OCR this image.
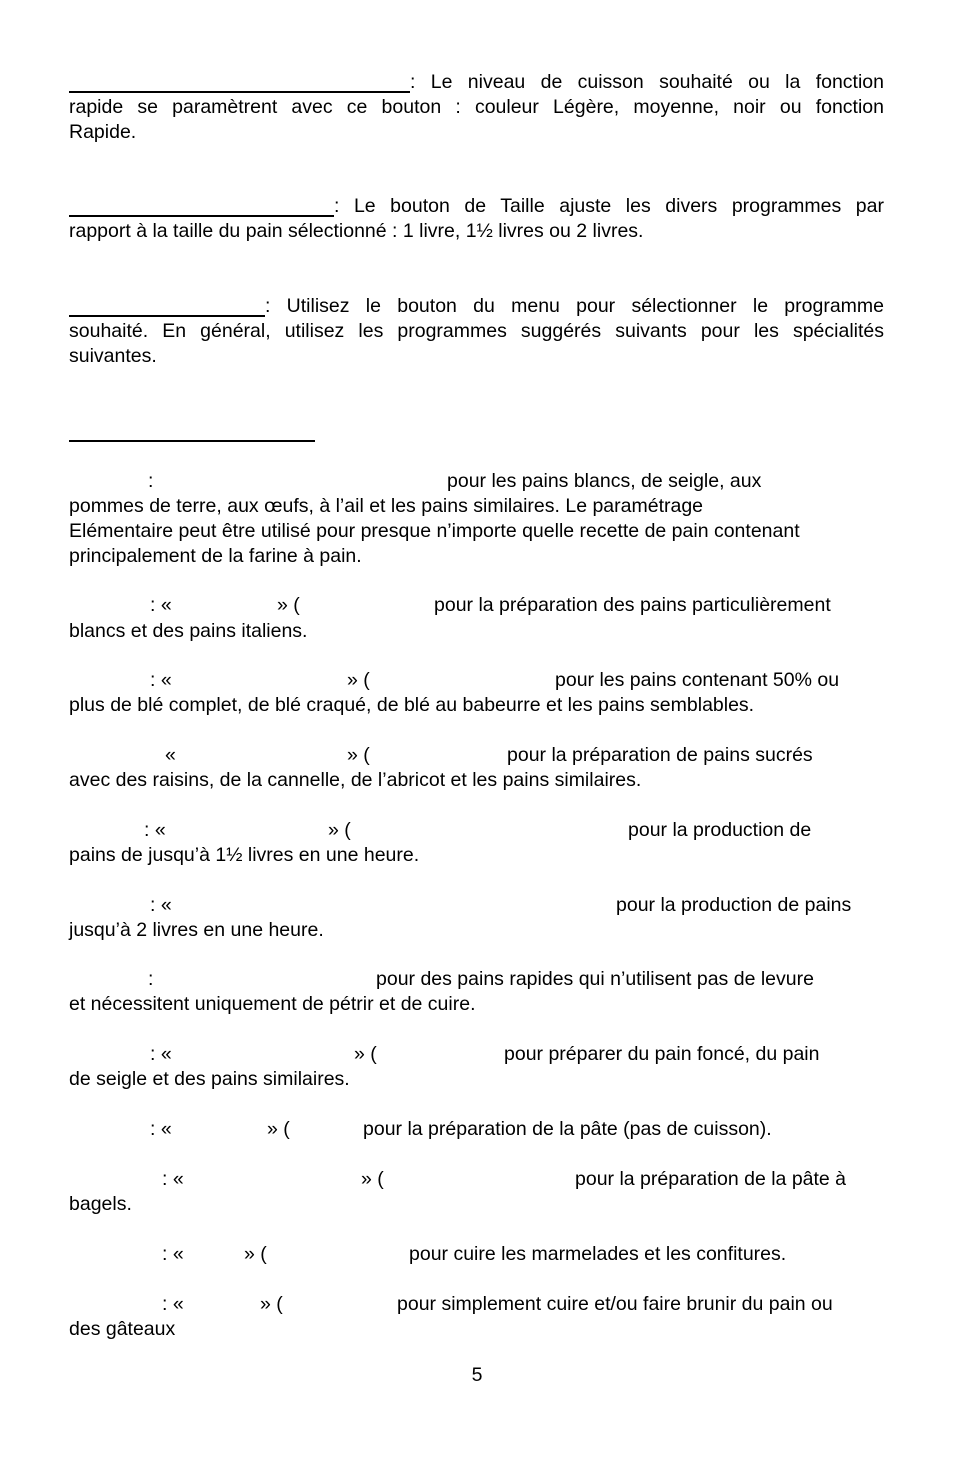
: Le niveau de cuisson souhaité ou la fonction
rapide se paramètrent avec ce bouton : couleur Légère, moyenne, noir ou fonction
Rapide.
: Le bouton de Taille ajuste les divers programmes par
rapport à la taille du pain sélectionné : 1 livre, 1½ livres ou 2 livres.
: Utilisez le bouton du menu pour sélectionner le programme
souhaité. En général, utilisez les programmes suggérés suivants pour les spécialités
suivantes.
:	pour les pains blancs, de seigle, aux
pommes de terre, aux œufs, à l’ail et les pains similaires. Le paramétrage
Elémentaire peut être utilisé pour presque n’importe quelle recette de pain contenant
principalement de la farine à pain.
: «	» (	pour la préparation des pains particulièrement
blancs et des pains italiens.
: «	» (	pour les pains contenant 50% ou
plus de blé complet, de blé craqué, de blé au babeurre et les pains semblables.
«	» (	pour la préparation de pains sucrés
avec des raisins, de la cannelle, de l’abricot et les pains similaires.
: «	» (	pour la production de
pains de jusqu’à 1½ livres en une heure.
: «	pour la production de pains
jusqu’à 2 livres en une heure.
:	pour des pains rapides qui n’utilisent pas de levure
et nécessitent uniquement de pétrir et de cuire.
: «	» (	pour préparer du pain foncé, du pain
de seigle et des pains similaires.
: «	» (	pour la préparation de la pâte (pas de cuisson).
: «	» (	pour la préparation de la pâte à
bagels.
: «	» (	pour cuire les marmelades et les confitures.
: «	» (	pour simplement cuire et/ou faire brunir du pain ou
des gâteaux
5
